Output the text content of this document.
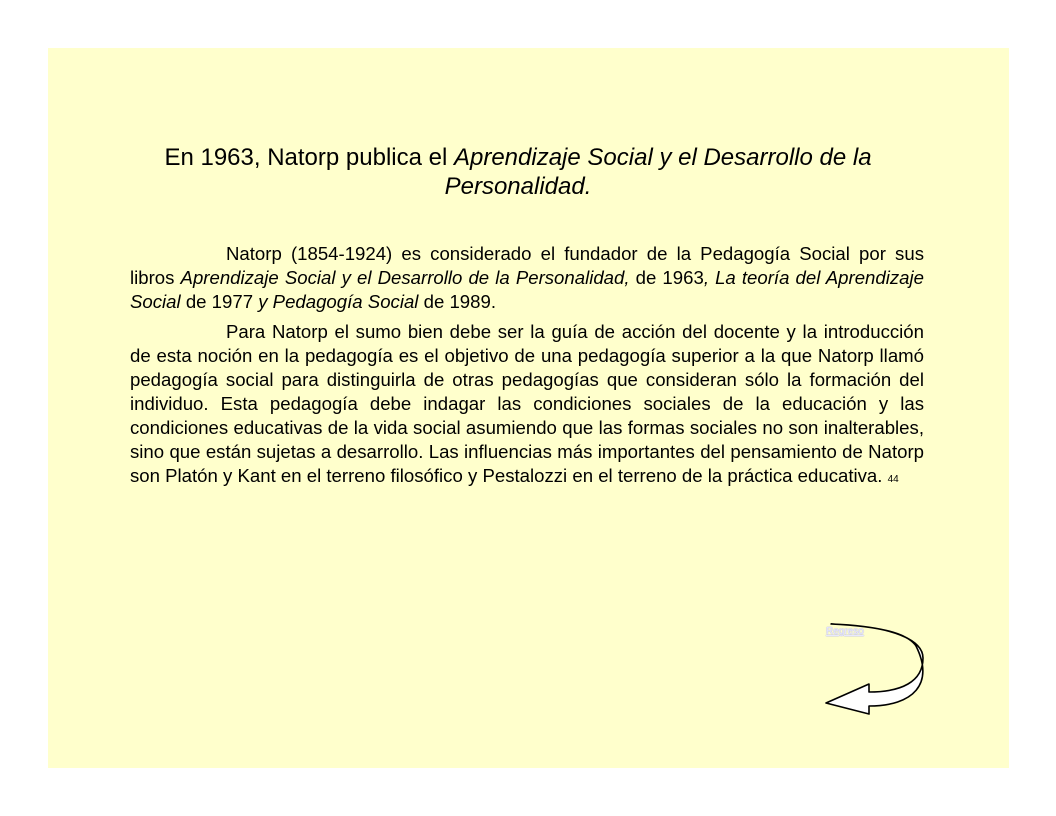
En 1963, Natorp publica el Aprendizaje Social y el Desarrollo de la Personalidad.

Natorp (1854-1924) es considerado el fundador de la Pedagogía Social por sus libros Aprendizaje Social y el Desarrollo de la Personalidad, de 1963, La teoría del Aprendizaje Social de 1977 y Pedagogía Social de 1989.

Para Natorp el sumo bien debe ser la guía de acción del docente y la introducción de esta noción en la pedagogía es el objetivo de una pedagogía superior a la que Natorp llamó pedagogía social para distinguirla de otras pedagogías que consideran sólo la formación del individuo. Esta pedagogía debe indagar las condiciones sociales de la educación y las condiciones educativas de la vida social asumiendo que las formas sociales no son inalterables, sino que están sujetas a desarrollo. Las influencias más importantes del pensamiento de Natorp son Platón y Kant en el terreno filosófico y Pestalozzi en el terreno de la práctica educativa. 44

Regreso
